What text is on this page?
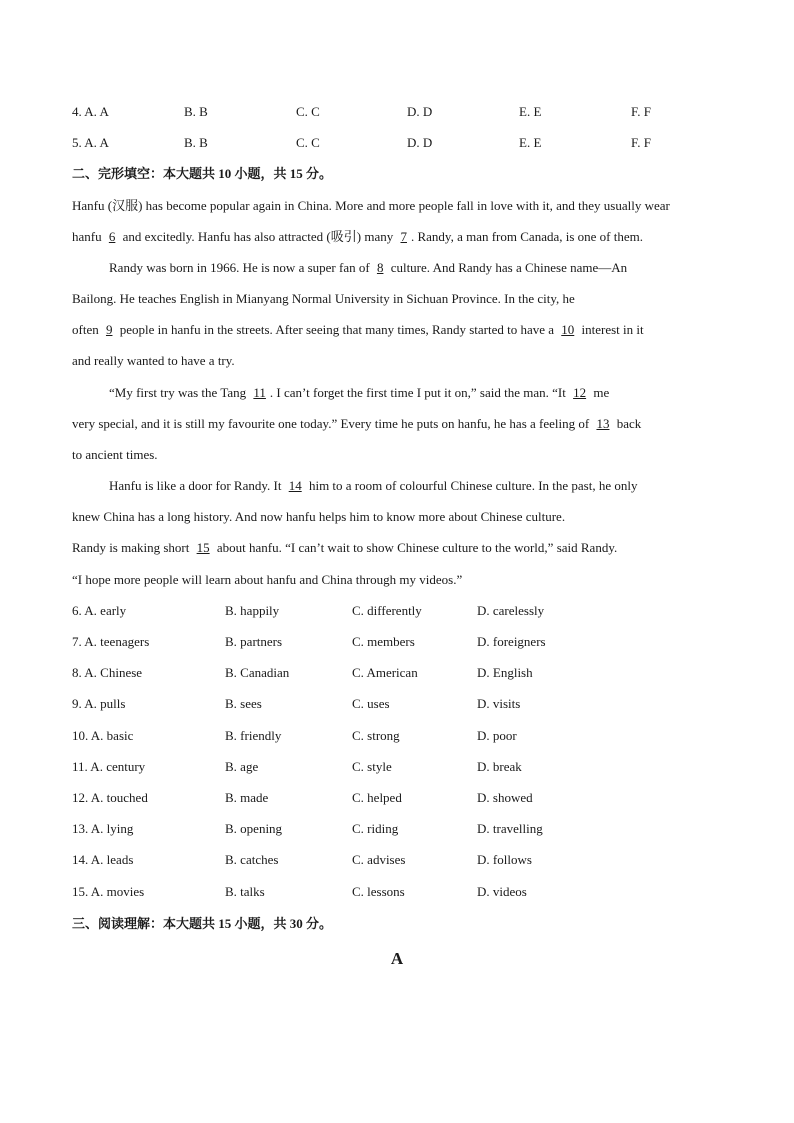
4. A. A	B. B	C. C	D. D	E. E	F. F
5. A. A	B. B	C. C	D. D	E. E	F. F
二、完形填空：本大题共 10 小题，共 15 分。
Hanfu (汉服) has become popular again in China. More and more people fall in love with it, and they usually wear
hanfu 6 and excitedly. Hanfu has also attracted (吸引) many 7 . Randy, a man from Canada, is one of them.
Randy was born in 1966. He is now a super fan of 8 culture. And Randy has a Chinese name—An
Bailong. He teaches English in Mianyang Normal University in Sichuan Province. In the city, he
often 9 people in hanfu in the streets. After seeing that many times, Randy started to have a 10 interest in it
and really wanted to have a try.
“My first try was the Tang 11 . I can’t forget the first time I put it on,” said the man. “It 12 me
very special, and it is still my favourite one today.” Every time he puts on hanfu, he has a feeling of 13 back
to ancient times.
Hanfu is like a door for Randy. It 14 him to a room of colourful Chinese culture. In the past, he only
knew China has a long history. And now hanfu helps him to know more about Chinese culture.
Randy is making short 15 about hanfu. “I can’t wait to show Chinese culture to the world,” said Randy.
“I hope more people will learn about hanfu and China through my videos.”
6. A. early	B. happily	C. differently	D. carelessly
7. A. teenagers	B. partners	C. members	D. foreigners
8. A. Chinese	B. Canadian	C. American	D. English
9. A. pulls	B. sees	C. uses	D. visits
10. A. basic	B. friendly	C. strong	D. poor
11. A. century	B. age	C. style	D. break
12. A. touched	B. made	C. helped	D. showed
13. A. lying	B. opening	C. riding	D. travelling
14. A. leads	B. catches	C. advises	D. follows
15. A. movies	B. talks	C. lessons	D. videos
三、阅读理解：本大题共 15 小题，共 30 分。
A
